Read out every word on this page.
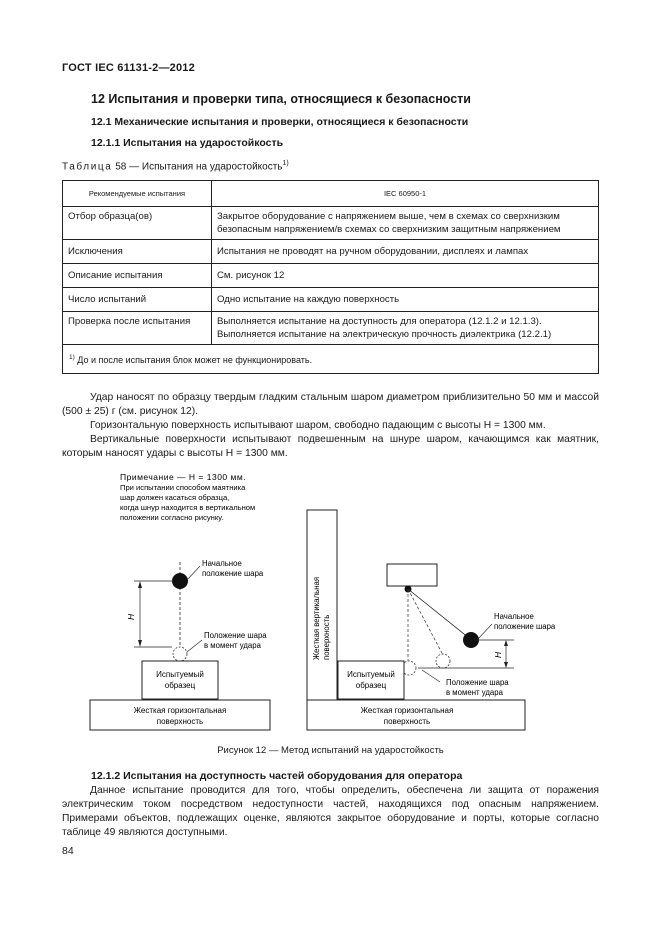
ГОСТ IEC 61131-2—2012
12 Испытания и проверки типа, относящиеся к безопасности
12.1 Механические испытания и проверки, относящиеся к безопасности
12.1.1 Испытания на ударостойкость
Таблица 58 — Испытания на ударостойкость$^{1)}$
Рекомендуемые испытания	IEC 60950-1
Отбор образца(ов)	Закрытое оборудование с напряжением выше, чем в схемах со сверхнизким безопасным напряжением/в схемах со сверхнизким защитным напряжением
Исключения	Испытания не проводят на ручном оборудовании, дисплеях и лампах
Описание испытания	См. рисунок 12
Число испытаний	Одно испытание на каждую поверхность
Проверка после испытания	Выполняется испытание на доступность для оператора (12.1.2 и 12.1.3). Выполняется испытание на электрическую прочность диэлектрика (12.2.1)
$^{1)}$ До и после испытания блок может не функционировать.	
Удар наносят по образцу твердым гладким стальным шаром диаметром приблизительно 50 мм и массой (500 ± 25) г (см. рисунок 12).
Горизонтальную поверхность испытывают шаром, свободно падающим с высоты H = 1300 мм.
Вертикальные поверхности испытывают подвешенным на шнуре шаром, качающимся как маятник, которым наносят удары с высоты H = 1300 мм.
Примечание — H = 1300 мм.
При испытании способом маятника
шар должен касаться образца,
когда шнур находится в вертикальном
положении согласно рисунку.
H
Начальное
положение шара
Положение шара
в момент удара
Испытуемый
образец
Жесткая горизонтальная
поверхность
Жесткая вертикальная поверхность	H
Начальное
положение шара
Положение шара
в момент удара
Испытуемый
образец
Жесткая горизонтальная
поверхность
Рисунок 12 — Метод испытаний на ударостойкость
12.1.2 Испытания на доступность частей оборудования для оператора
Данное испытание проводится для того, чтобы определить, обеспечена ли защита от поражения электрическим током посредством недоступности частей, находящихся под опасным напряжением. Примерами объектов, подлежащих оценке, являются закрытое оборудование и порты, которые согласно таблице 49 являются доступными.
84
